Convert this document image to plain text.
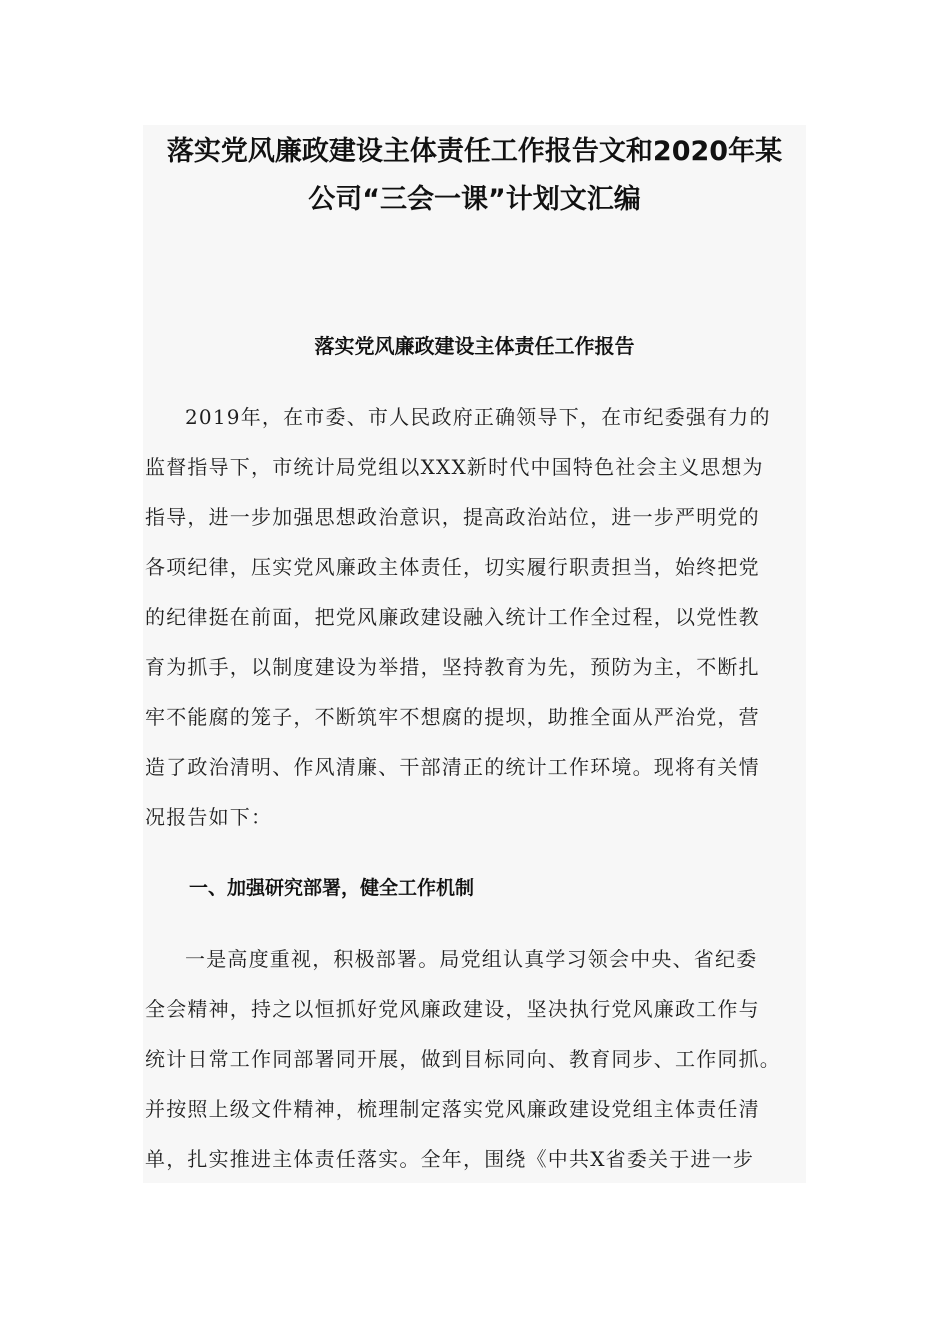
落实党风廉政建设主体责任工作报告文和2020年某
公司“三会一课”计划文汇编
落实党风廉政建设主体责任工作报告
2019年，在市委、市人民政府正确领导下，在市纪委强有力的
监督指导下，市统计局党组以XXX新时代中国特色社会主义思想为
指导，进一步加强思想政治意识，提高政治站位，进一步严明党的
各项纪律，压实党风廉政主体责任，切实履行职责担当，始终把党
的纪律挺在前面，把党风廉政建设融入统计工作全过程，以党性教
育为抓手，以制度建设为举措，坚持教育为先，预防为主，不断扎
牢不能腐的笼子，不断筑牢不想腐的提坝，助推全面从严治党，营
造了政治清明、作风清廉、干部清正的统计工作环境。现将有关情
况报告如下：
一、加强研究部署，健全工作机制
一是高度重视，积极部署。局党组认真学习领会中央、省纪委
全会精神，持之以恒抓好党风廉政建设，坚决执行党风廉政工作与
统计日常工作同部署同开展，做到目标同向、教育同步、工作同抓。
并按照上级文件精神，梳理制定落实党风廉政建设党组主体责任清
单，扎实推进主体责任落实。全年，围绕《中共X省委关于进一步
